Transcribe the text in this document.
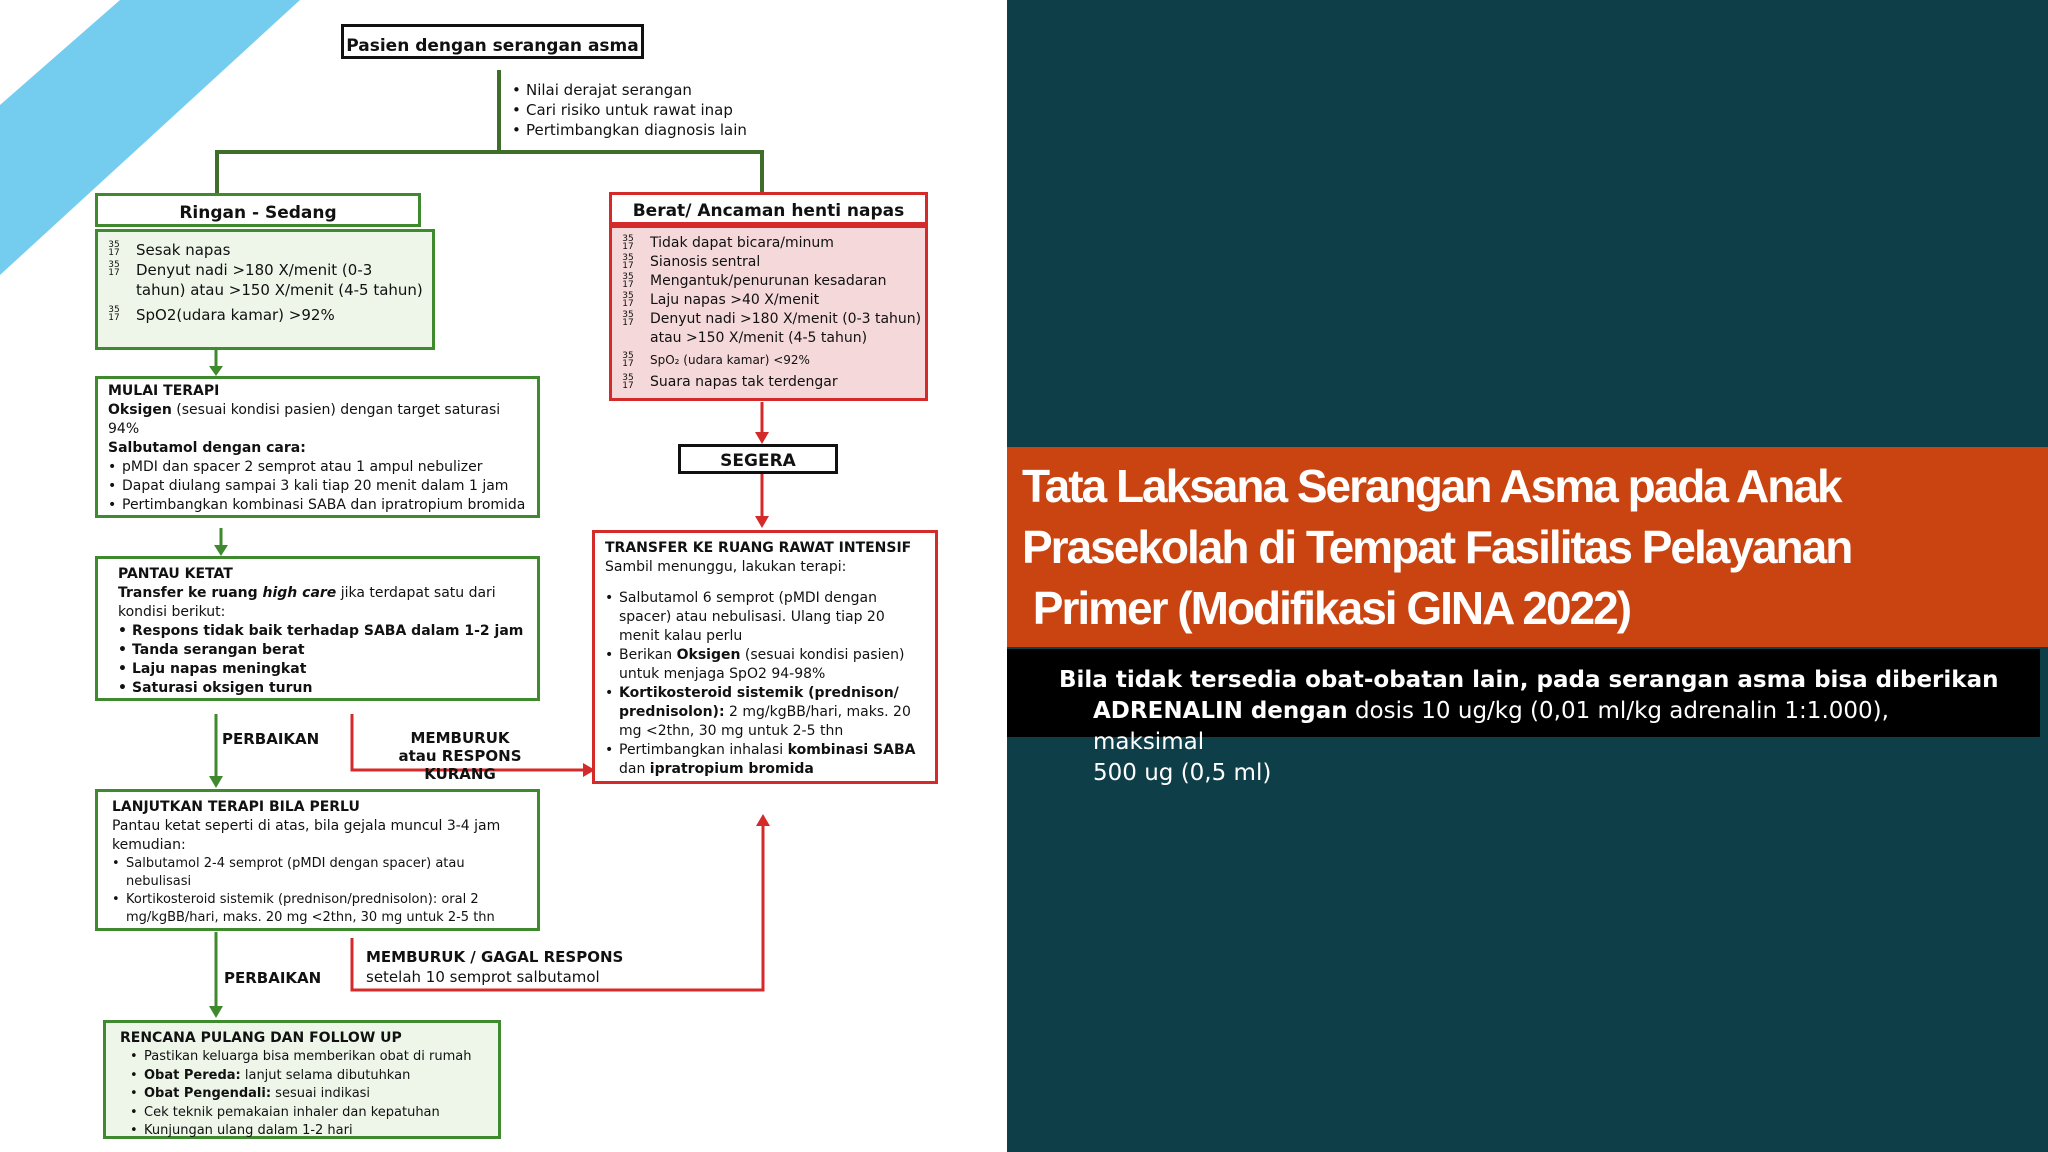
Pasien dengan serangan asma
• Nilai derajat serangan
• Cari risiko untuk rawat inap
• Pertimbangkan diagnosis lain
Ringan - Sedang
35
17 Sesak napas
35
17 Denyut nadi >180 X/menit (0-3 tahun) atau >150 X/menit (4-5 tahun)
35
17 SpO2(udara kamar) >92%
Berat/ Ancaman henti napas
35
17 Tidak dapat bicara/minum
35
17 Sianosis sentral
35
17 Mengantuk/penurunan kesadaran
35
17 Laju napas >40 X/menit
35
17 Denyut nadi >180 X/menit (0-3 tahun) atau >150 X/menit (4-5 tahun)
35
17 SpO₂ (udara kamar) <92%
35
17 Suara napas tak terdengar
SEGERA
MULAI TERAPI
Oksigen (sesuai kondisi pasien) dengan target saturasi 94%
Salbutamol dengan cara:
• pMDI dan spacer 2 semprot atau 1 ampul nebulizer
• Dapat diulang sampai 3 kali tiap 20 menit dalam 1 jam
• Pertimbangkan kombinasi SABA dan ipratropium bromida
PANTAU KETAT
Transfer ke ruang high care jika terdapat satu dari kondisi berikut:
• Respons tidak baik terhadap SABA dalam 1-2 jam
• Tanda serangan berat
• Laju napas meningkat
• Saturasi oksigen turun
TRANSFER KE RUANG RAWAT INTENSIF
Sambil menunggu, lakukan terapi:
• Salbutamol 6 semprot (pMDI dengan spacer) atau nebulisasi. Ulang tiap 20 menit kalau perlu
• Berikan Oksigen (sesuai kondisi pasien) untuk menjaga SpO2 94-98%
• Kortikosteroid sistemik (prednison/ prednisolon): 2 mg/kgBB/hari, maks. 20 mg <2thn, 30 mg untuk 2-5 thn
• Pertimbangkan inhalasi kombinasi SABA dan ipratropium bromida
PERBAIKAN	MEMBURUK
atau RESPONS KURANG
LANJUTKAN TERAPI BILA PERLU
Pantau ketat seperti di atas, bila gejala muncul 3-4 jam kemudian:
• Salbutamol 2-4 semprot (pMDI dengan spacer) atau nebulisasi
• Kortikosteroid sistemik (prednison/prednisolon): oral 2 mg/kgBB/hari, maks. 20 mg <2thn, 30 mg untuk 2-5 thn
PERBAIKAN
MEMBURUK / GAGAL RESPONS
setelah 10 semprot salbutamol
RENCANA PULANG DAN FOLLOW UP
• Pastikan keluarga bisa memberikan obat di rumah
• Obat Pereda: lanjut selama dibutuhkan
• Obat Pengendali: sesuai indikasi
• Cek teknik pemakaian inhaler dan kepatuhan
• Kunjungan ulang dalam 1-2 hari
Tata Laksana Serangan Asma pada Anak
Prasekolah di Tempat Fasilitas Pelayanan
Primer (Modifikasi GINA 2022)
Bila tidak tersedia obat-obatan lain, pada serangan asma bisa diberikan
ADRENALIN dengan dosis 10 ug/kg (0,01 ml/kg adrenalin 1:1.000), maksimal
500 ug (0,5 ml)
